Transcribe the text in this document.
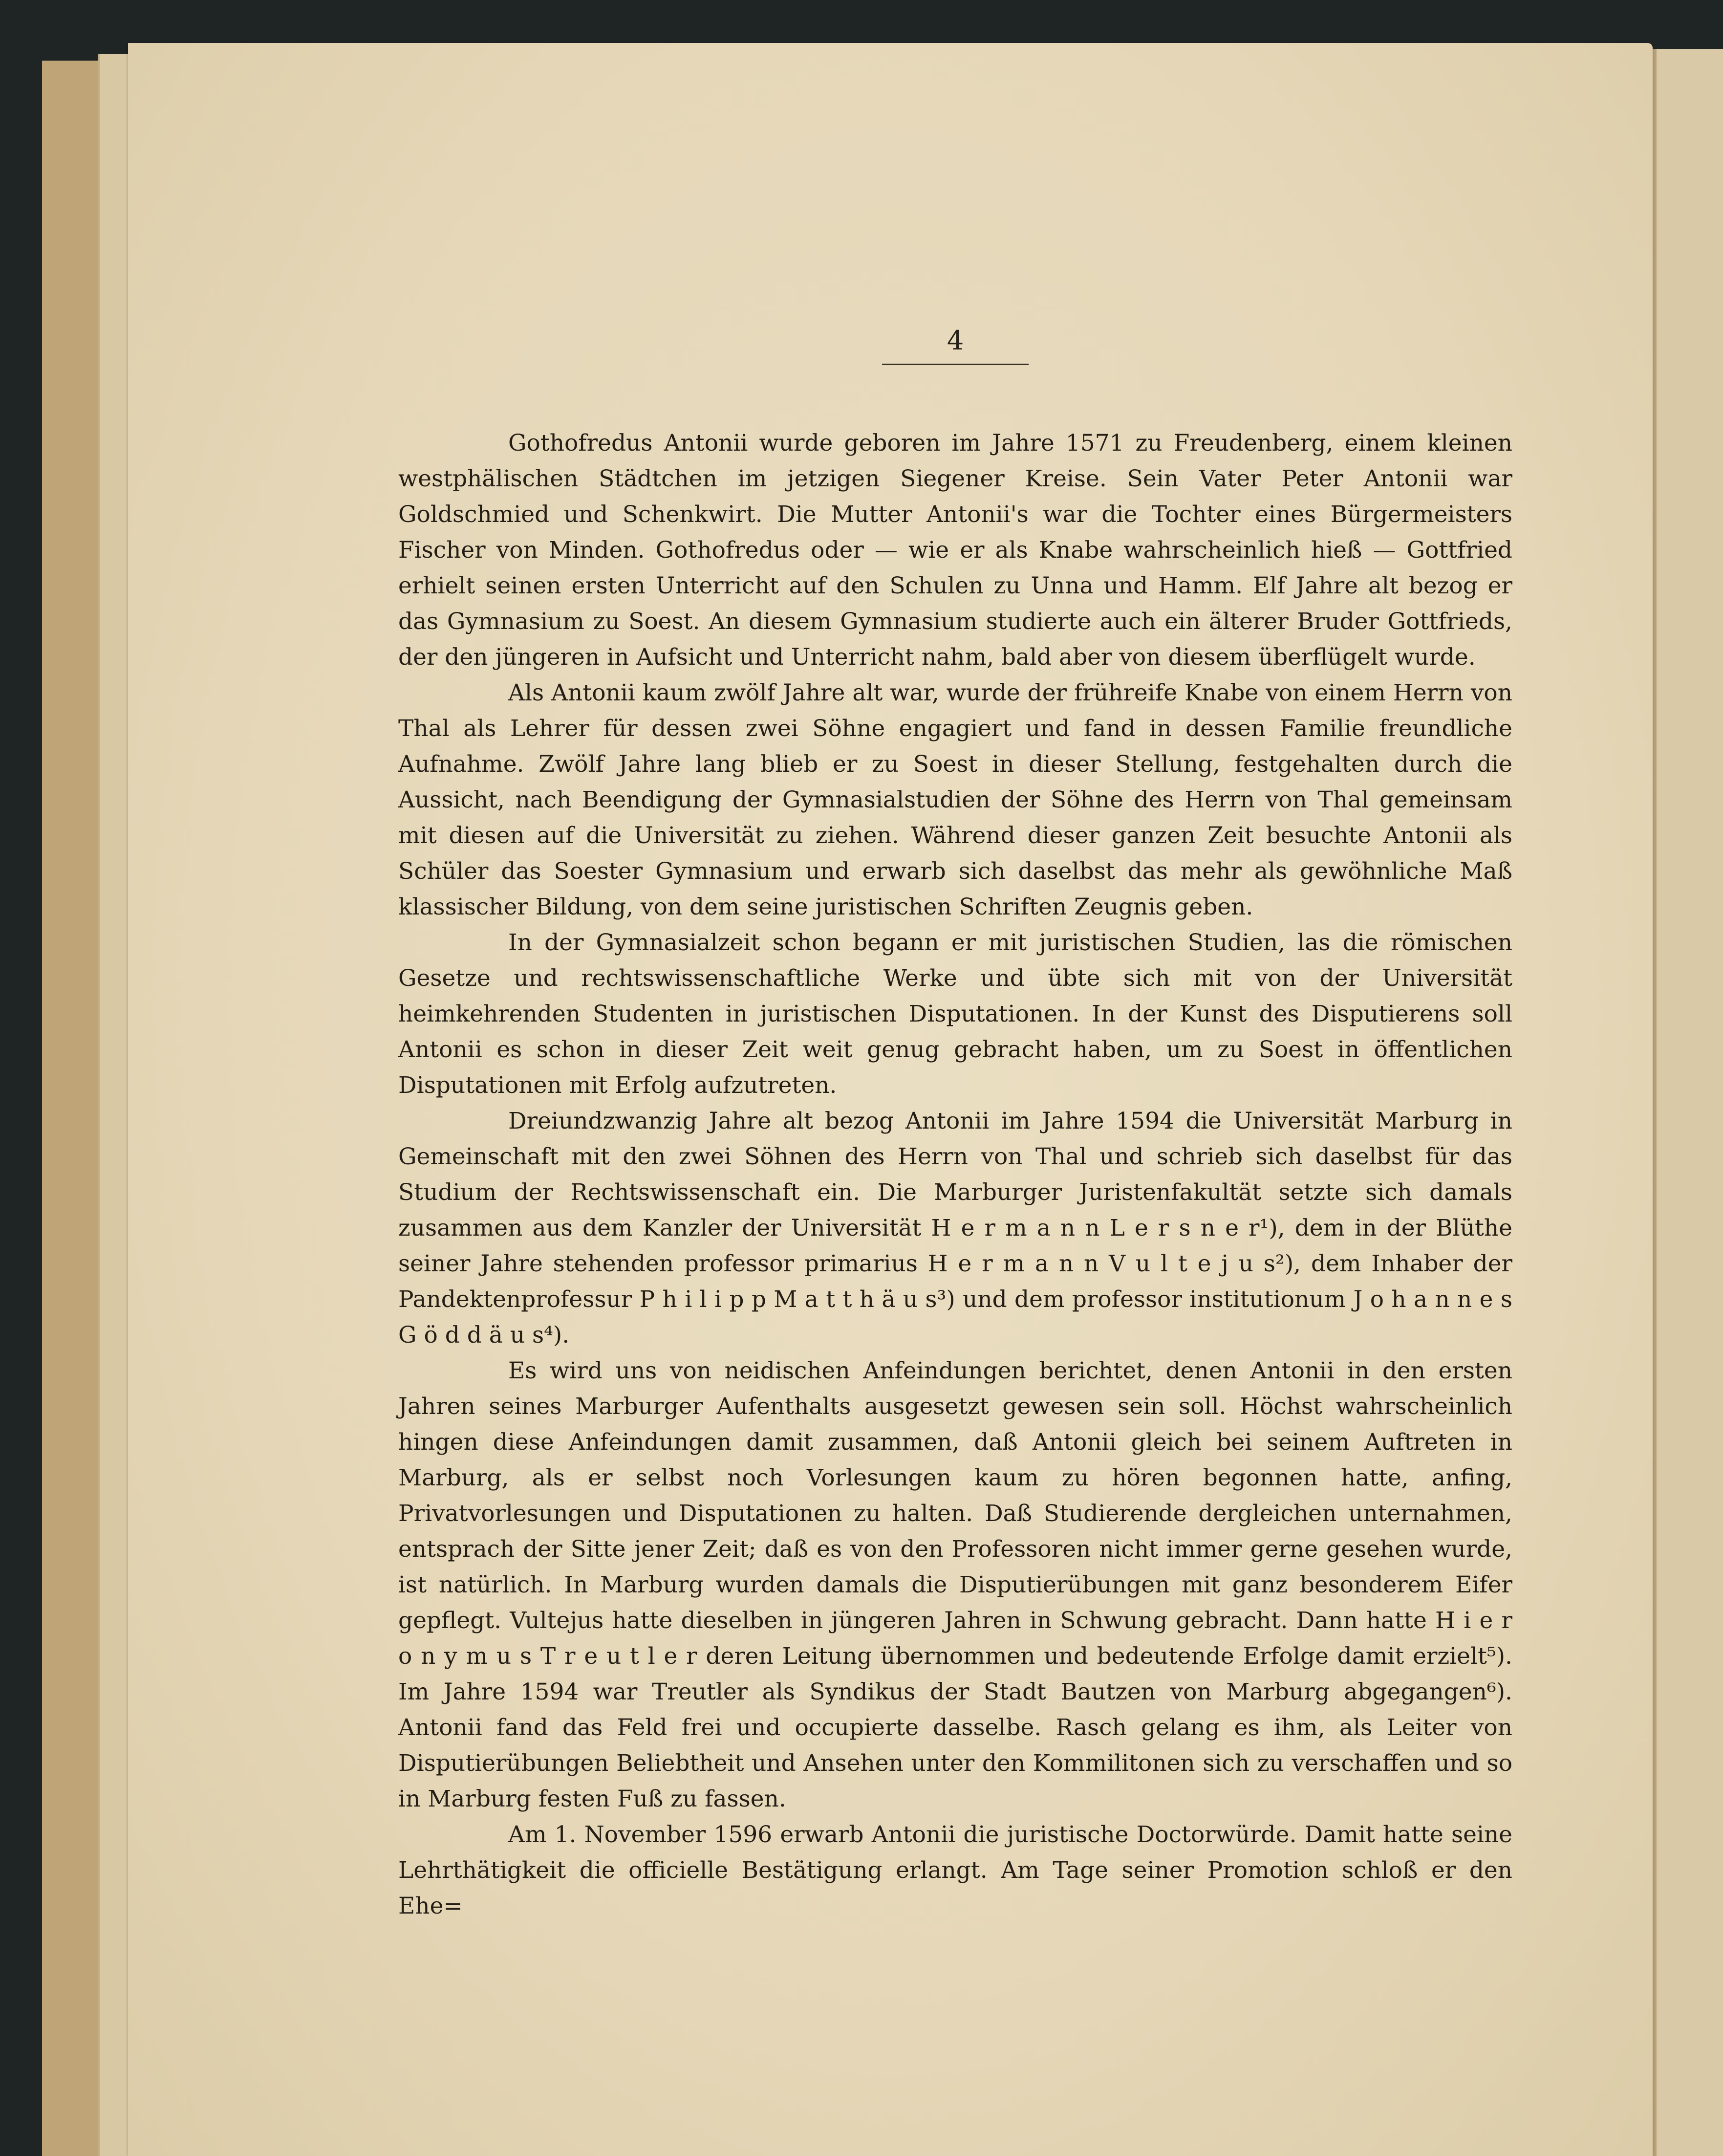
4

Gothofredus Antonii wurde geboren im Jahre 1571 zu Freudenberg, einem kleinen westphälischen Städtchen im jetzigen Siegener Kreise. Sein Vater Peter Antonii war Goldschmied und Schenkwirt. Die Mutter Antonii's war die Tochter eines Bürgermeisters Fischer von Minden. Gothofredus oder — wie er als Knabe wahrscheinlich hieß — Gottfried erhielt seinen ersten Unterricht auf den Schulen zu Unna und Hamm. Elf Jahre alt bezog er das Gymnasium zu Soest. An diesem Gymnasium studierte auch ein älterer Bruder Gottfrieds, der den jüngeren in Aufsicht und Unterricht nahm, bald aber von diesem überflügelt wurde.

Als Antonii kaum zwölf Jahre alt war, wurde der frühreife Knabe von einem Herrn von Thal als Lehrer für dessen zwei Söhne engagiert und fand in dessen Familie freundliche Aufnahme. Zwölf Jahre lang blieb er zu Soest in dieser Stellung, festgehalten durch die Aussicht, nach Beendigung der Gymnasialstudien der Söhne des Herrn von Thal gemeinsam mit diesen auf die Universität zu ziehen. Während dieser ganzen Zeit besuchte Antonii als Schüler das Soester Gymnasium und erwarb sich daselbst das mehr als gewöhnliche Maß klassischer Bildung, von dem seine juristischen Schriften Zeugnis geben.

In der Gymnasialzeit schon begann er mit juristischen Studien, las die römischen Gesetze und rechtswissenschaftliche Werke und übte sich mit von der Universität heimkehrenden Studenten in juristischen Disputationen. In der Kunst des Disputierens soll Antonii es schon in dieser Zeit weit genug gebracht haben, um zu Soest in öffentlichen Disputationen mit Erfolg aufzutreten.

Dreiundzwanzig Jahre alt bezog Antonii im Jahre 1594 die Universität Marburg in Gemeinschaft mit den zwei Söhnen des Herrn von Thal und schrieb sich daselbst für das Studium der Rechtswissenschaft ein. Die Marburger Juristenfakultät setzte sich damals zusammen aus dem Kanzler der Universität H e r m a n n L e r s n e r¹), dem in der Blüthe seiner Jahre stehenden professor primarius H e r m a n n V u l t e j u s²), dem Inhaber der Pandektenprofessur P h i l i p p M a t t h ä u s³) und dem professor institutionum J o h a n n e s G ö d d ä u s⁴).

Es wird uns von neidischen Anfeindungen berichtet, denen Antonii in den ersten Jahren seines Marburger Aufenthalts ausgesetzt gewesen sein soll. Höchst wahrscheinlich hingen diese Anfeindungen damit zusammen, daß Antonii gleich bei seinem Auftreten in Marburg, als er selbst noch Vorlesungen kaum zu hören begonnen hatte, anfing, Privatvorlesungen und Disputationen zu halten. Daß Studierende dergleichen unternahmen, entsprach der Sitte jener Zeit; daß es von den Professoren nicht immer gerne gesehen wurde, ist natürlich. In Marburg wurden damals die Disputierübungen mit ganz besonderem Eifer gepflegt. Vultejus hatte dieselben in jüngeren Jahren in Schwung gebracht. Dann hatte H i e r o n y m u s T r e u t l e r deren Leitung übernommen und bedeutende Erfolge damit erzielt⁵). Im Jahre 1594 war Treutler als Syndikus der Stadt Bautzen von Marburg abgegangen⁶). Antonii fand das Feld frei und occupierte dasselbe. Rasch gelang es ihm, als Leiter von Disputierübungen Beliebtheit und Ansehen unter den Kommilitonen sich zu verschaffen und so in Marburg festen Fuß zu fassen.

Am 1. November 1596 erwarb Antonii die juristische Doctorwürde. Damit hatte seine Lehrthätigkeit die officielle Bestätigung erlangt. Am Tage seiner Promotion schloß er den Ehe=
